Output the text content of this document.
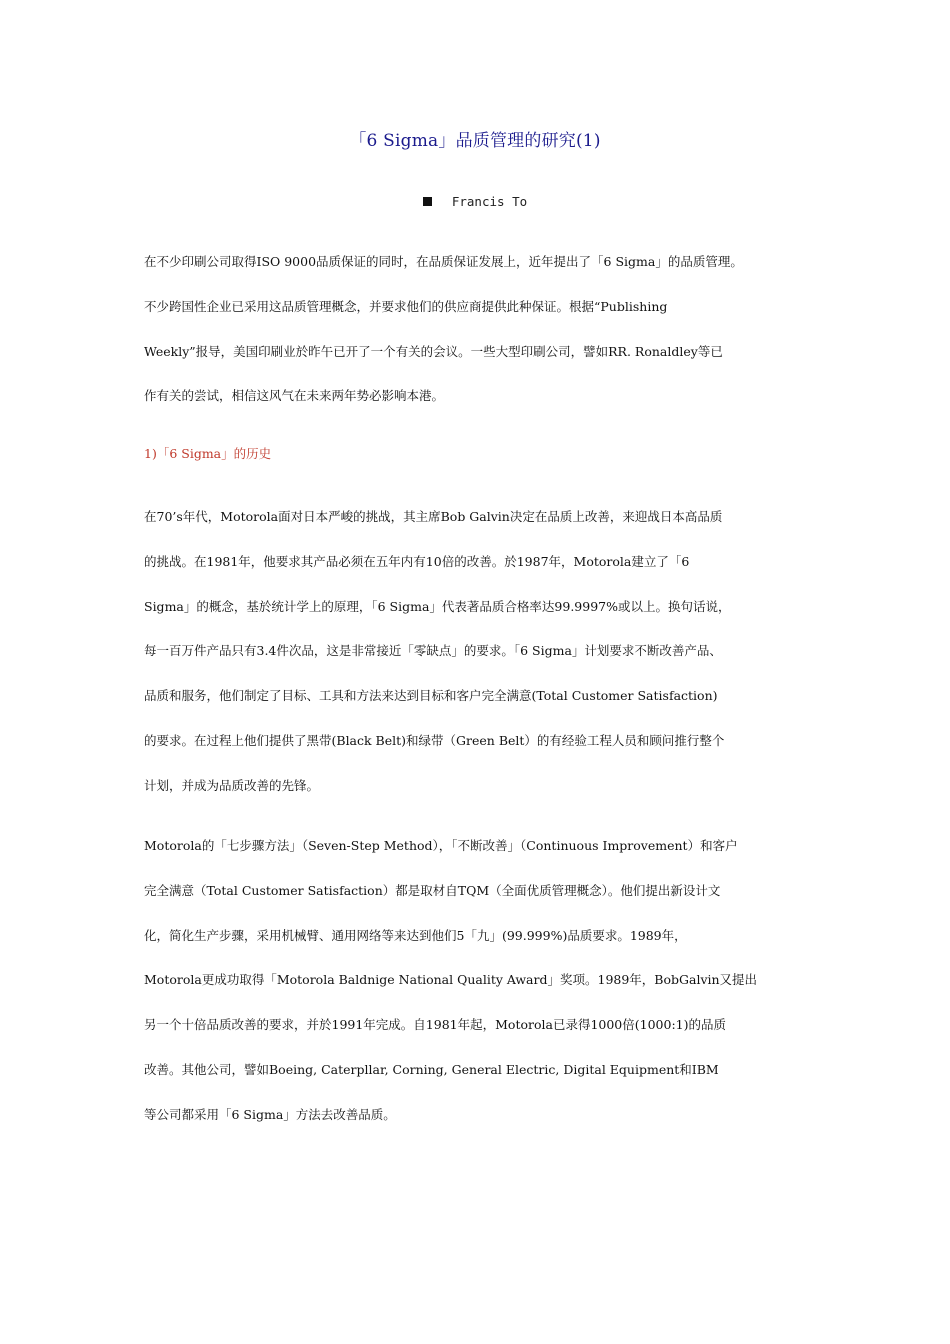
「6 Sigma」品质管理的研究(1)
Francis To
在不少印刷公司取得ISO 9000品质保证的同时，在品质保证发展上，近年提出了「6 Sigma」的品质管理。
不少跨国性企业已采用这品质管理概念，并要求他们的供应商提供此种保证。根据“Publishing
Weekly”报导，美国印刷业於昨午已开了一个有关的会议。一些大型印刷公司，譬如RR. Ronaldley等已
作有关的尝试，相信这风气在未来两年势必影响本港。
1)「6 Sigma」的历史
在70’s年代，Motorola面对日本严峻的挑战，其主席Bob Galvin决定在品质上改善，来迎战日本高品质
的挑战。在1981年，他要求其产品必须在五年内有10倍的改善。於1987年，Motorola建立了「6
Sigma」的概念，基於统计学上的原理，「6 Sigma」代表著品质合格率达99.9997%或以上。换句话说，
每一百万件产品只有3.4件次品，这是非常接近「零缺点」的要求。「6 Sigma」计划要求不断改善产品、
品质和服务，他们制定了目标、工具和方法来达到目标和客户完全满意(Total Customer Satisfaction)
的要求。在过程上他们提供了黑带(Black Belt)和绿带（Green Belt）的有经验工程人员和顾问推行整个
计划，并成为品质改善的先锋。
Motorola的「七步骤方法」（Seven-Step Method），「不断改善」（Continuous Improvement）和客户
完全满意（Total Customer Satisfaction）都是取材自TQM（全面优质管理概念）。他们提出新设计文
化，简化生产步骤，采用机械臂、通用网络等来达到他们5「九」(99.999%)品质要求。1989年，
Motorola更成功取得「Motorola Baldnige National Quality Award」奖项。1989年，BobGalvin又提出
另一个十倍品质改善的要求，并於1991年完成。自1981年起，Motorola已录得1000倍(1000:1)的品质
改善。其他公司，譬如Boeing, Caterpllar, Corning, General Electric, Digital Equipment和IBM
等公司都采用「6 Sigma」方法去改善品质。
